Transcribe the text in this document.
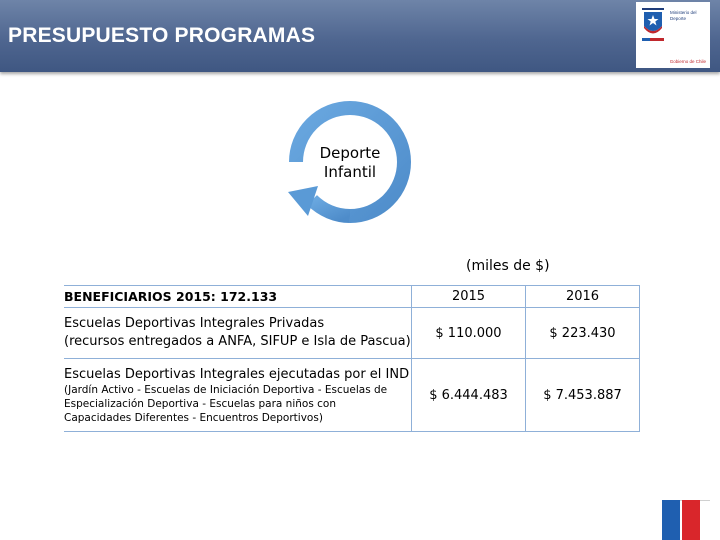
PRESUPUESTO PROGRAMAS
Ministerio del Deporte
Gobierno de Chile
Deporte
Infantil
(miles de $)
BENEFICIARIOS 2015: 172.133	2015	2016

Escuelas Deportivas Integrales Privadas
(recursos entregados a ANFA, SIFUP e Isla de Pascua)	$ 110.000	$ 223.430

Escuelas Deportivas Integrales ejecutadas por el IND
(Jardín Activo - Escuelas de Iniciación Deportiva - Escuelas de
Especialización Deportiva - Escuelas para niños con
Capacidades Diferentes - Encuentros Deportivos)	$ 6.444.483	$ 7.453.887
